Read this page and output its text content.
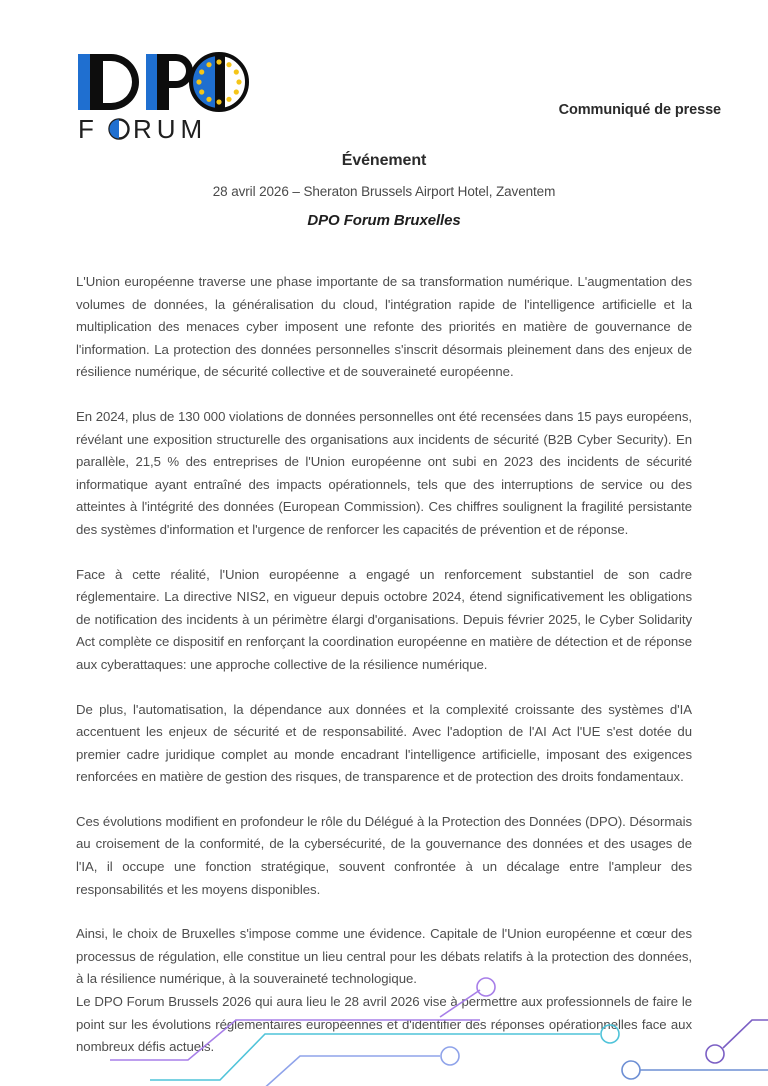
F RUM
Communiqué de presse
Événement

28 avril 2026 – Sheraton Brussels Airport Hotel, Zaventem

DPO Forum Bruxelles

L'Union européenne traverse une phase importante de sa transformation numérique. L'augmentation des volumes de données, la généralisation du cloud, l'intégration rapide de l'intelligence artificielle et la multiplication des menaces cyber imposent une refonte des priorités en matière de gouvernance de l'information. La protection des données personnelles s'inscrit désormais pleinement dans des enjeux de résilience numérique, de sécurité collective et de souveraineté européenne.

En 2024, plus de 130 000 violations de données personnelles ont été recensées dans 15 pays européens, révélant une exposition structurelle des organisations aux incidents de sécurité (B2B Cyber Security). En parallèle, 21,5 % des entreprises de l'Union européenne ont subi en 2023 des incidents de sécurité informatique ayant entraîné des impacts opérationnels, tels que des interruptions de service ou des atteintes à l'intégrité des données (European Commission). Ces chiffres soulignent la fragilité persistante des systèmes d'information et l'urgence de renforcer les capacités de prévention et de réponse.

Face à cette réalité, l'Union européenne a engagé un renforcement substantiel de son cadre réglementaire. La directive NIS2, en vigueur depuis octobre 2024, étend significativement les obligations de notification des incidents à un périmètre élargi d'organisations. Depuis février 2025, le Cyber Solidarity Act complète ce dispositif en renforçant la coordination européenne en matière de détection et de réponse aux cyberattaques: une approche collective de la résilience numérique.

De plus, l'automatisation, la dépendance aux données et la complexité croissante des systèmes d'IA accentuent les enjeux de sécurité et de responsabilité. Avec l'adoption de l'AI Act l'UE s'est dotée du premier cadre juridique complet au monde encadrant l'intelligence artificielle, imposant des exigences renforcées en matière de gestion des risques, de transparence et de protection des droits fondamentaux.

Ces évolutions modifient en profondeur le rôle du Délégué à la Protection des Données (DPO). Désormais au croisement de la conformité, de la cybersécurité, de la gouvernance des données et des usages de l'IA, il occupe une fonction stratégique, souvent confrontée à un décalage entre l'ampleur des responsabilités et les moyens disponibles.

Ainsi, le choix de Bruxelles s'impose comme une évidence. Capitale de l'Union européenne et cœur des processus de régulation, elle constitue un lieu central pour les débats relatifs à la protection des données, à la résilience numérique, à la souveraineté technologique.
Le DPO Forum Brussels 2026 qui aura lieu le 28 avril 2026 vise à permettre aux professionnels de faire le point sur les évolutions réglementaires européennes et d'identifier des réponses opérationnelles face aux nombreux défis actuels.
